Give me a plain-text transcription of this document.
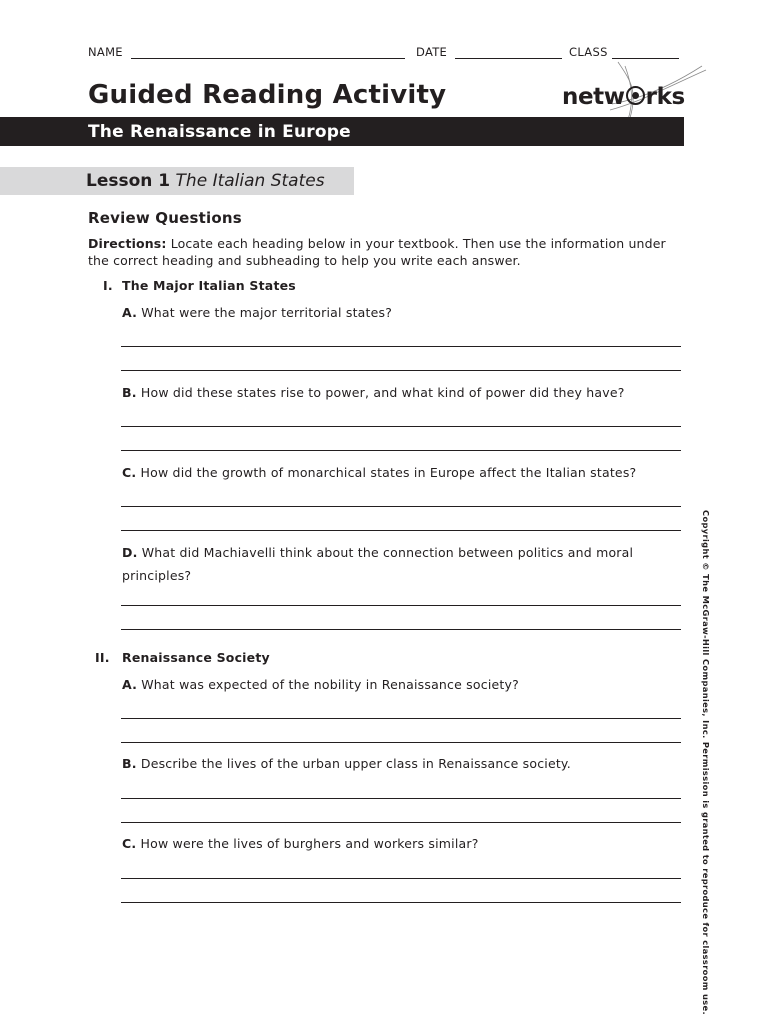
NAME	DATE	CLASS
Guided Reading Activity	netw rks
The Renaissance in Europe
Lesson 1 The Italian States
Review Questions
Directions: Locate each heading below in your textbook. Then use the information under the correct heading and subheading to help you write each answer.
I. The Major Italian States
A. What were the major territorial states?
B. How did these states rise to power, and what kind of power did they have?
C. How did the growth of monarchical states in Europe affect the Italian states?
D. What did Machiavelli think about the connection between politics and moral principles?
II. Renaissance Society
A. What was expected of the nobility in Renaissance society?
B. Describe the lives of the urban upper class in Renaissance society.
C. How were the lives of burghers and workers similar?	Copyright © The McGraw-Hill Companies, Inc. Permission is granted to reproduce for classroom use.
